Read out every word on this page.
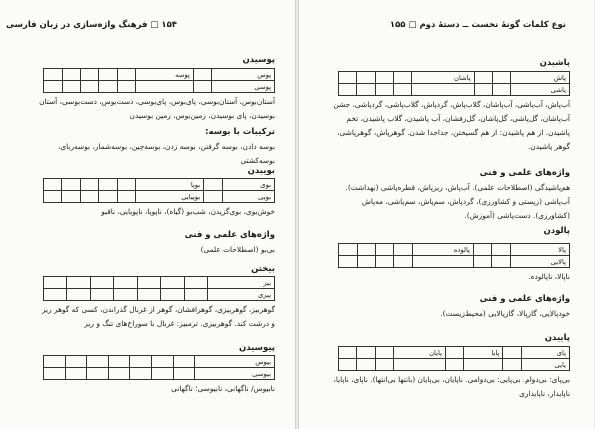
۱۵۴ □ فرهنگ واژه‌سازی در زبان فارسی
پوسیدن
پوس		پوسه					
پوسی							
آستان‌بوس، آستان‌بوسی، پای‌بوس، پای‌بوسی، دست‌بوس، دست‌بوسی، آستان بوسیدن، پای بوسیدن، زمین‌بوس، زمین بوسیدن
ترکیبات با بوسه:
بوسه دادن، بوسه گرفتن، بوسه زدن، بوسه‌چین، بوسه‌شمار، بوسه‌ربای، بوسه‌کشتی
بوییدن
بوی		بویا					
بویی		بوییایی					
خوش‌بوی، بوی‌گزیدن، شب‌بو (گیاه)، ناپویا، ناپویایی، ناقبو
واژه‌های علمی و فنی
بی‌بو (اصطلاحات علمی)
بیختن
بیز							
بیزی							
گوهربیز، گوهربیزی، گوهرافشان، گوهر از غربال گذراندن، کسی که گوهر ریز و درشت کند. گوهربیزی. ترمبیز: غربال با سوراخ‌های تنگ و ریز
پیوسیدن
بیوس							
بیوسی							
نابیوس/ ناگهانی، نابیوسی؛ ناگهانی
نوع کلمات گونهٔ نخست ــ دستهٔ دوم □ ۱۵۵
پاشیدن
پاش			پاشان				
پاشی							
آب‌پاش، آب‌پاشی، آب‌پاشان، گلاب‌پاش، گردپاش، گلاب‌پاشی، گردپاشی، جشن آب‌پاشان، گل‌پاشی، گل‌پاشان، گل‌رفشان، آب پاشیدن، گلاب پاشیدن، تخم پاشیدن. از هم پاشیدن: از هم گسیختن، جداجدا شدن. گوهرپاش، گوهرپاشی، گوهر پاشیدن.
واژه‌های علمی و فنی
هم‌پاشیدگی (اصطلاحات علمی). آب‌پاش، ریزپاش، قطره‌پاشی (بهداشت). آب‌پاشی (زیستی و کشاورزی)، گردپاش، سم‌پاش، سم‌پاشی، مه‌پاش (کشاورزی). دست‌پاشی (آموزش).
پالودن
پالا			پالوده				
پالایی							
ناپالا، ناپالوده.
واژه‌های علمی و فنی
خودپالایی، گازپالا، گازپالایی (محیط‌زیست).
پاییدن
پای		پایا		پایان			
پایی							
بی‌پای: بی‌دوام. بی‌پایی: بی‌دوامی. ناپایان، بی‌پایان (بانتها بی‌انتها). ناپای، ناپایا، ناپایدار، ناپایداری
